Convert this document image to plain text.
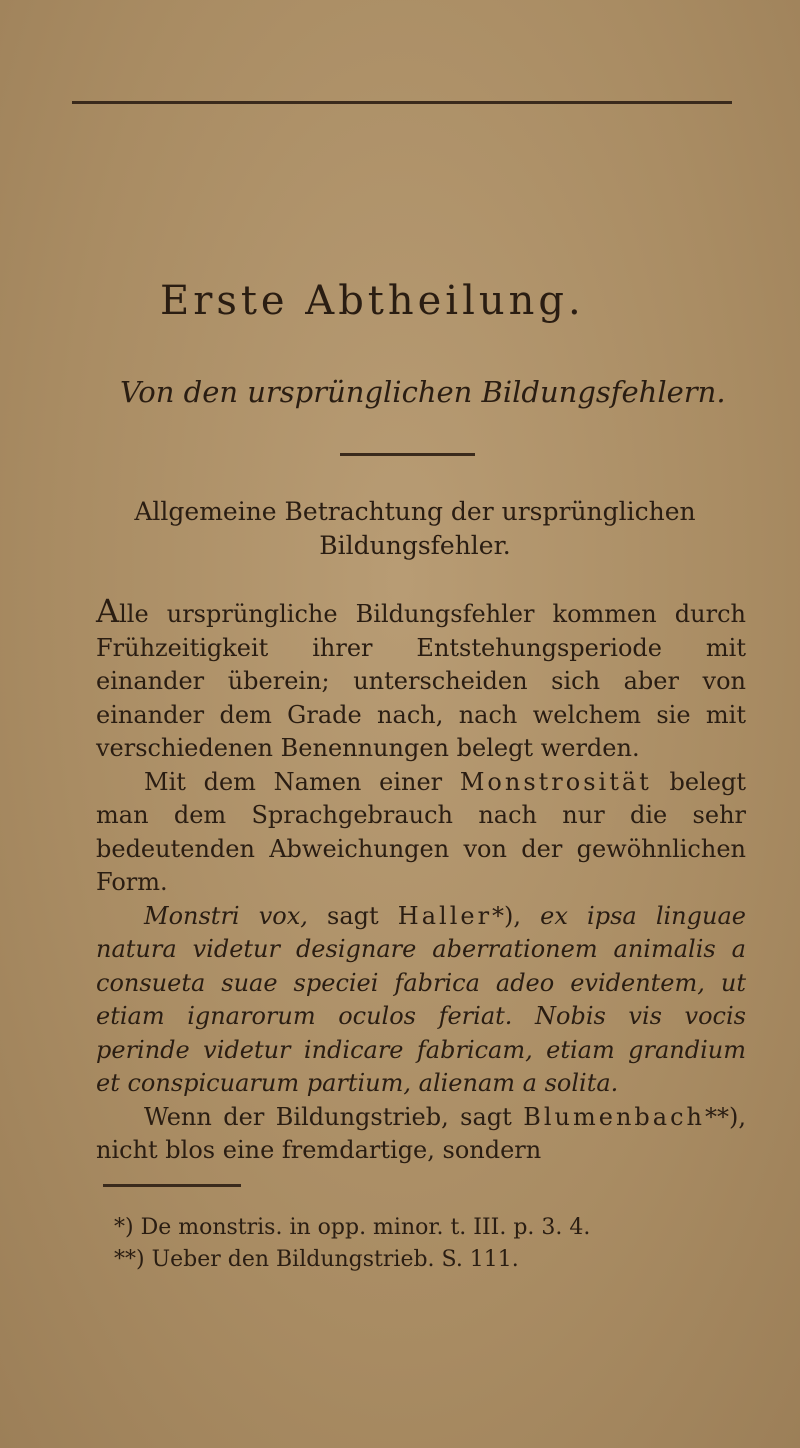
Erste Abtheilung.
Von den ursprünglichen Bildungsfehlern.
Allgemeine Betrachtung der ursprünglichen Bildungsfehler.

Alle ursprüngliche Bildungsfehler kommen durch Frühzeitigkeit ihrer Entstehungsperiode mit einander überein; unterscheiden sich aber von einander dem Grade nach, nach welchem sie mit verschiedenen Benennungen belegt werden.

Mit dem Namen einer Monstrosität belegt man dem Sprachgebrauch nach nur die sehr bedeutenden Abweichungen von der gewöhnlichen Form.

Monstri vox, sagt Haller*), ex ipsa linguae natura videtur designare aberrationem animalis a consueta suae speciei fabrica adeo evidentem, ut etiam ignarorum oculos feriat. Nobis vis vocis perinde videtur indicare fabricam, etiam grandium et conspicuarum partium, alienam a solita.

Wenn der Bildungstrieb, sagt Blumenbach**), nicht blos eine fremdartige, sondern

*) De monstris. in opp. minor. t. III. p. 3. 4.
**) Ueber den Bildungstrieb. S. 111.
